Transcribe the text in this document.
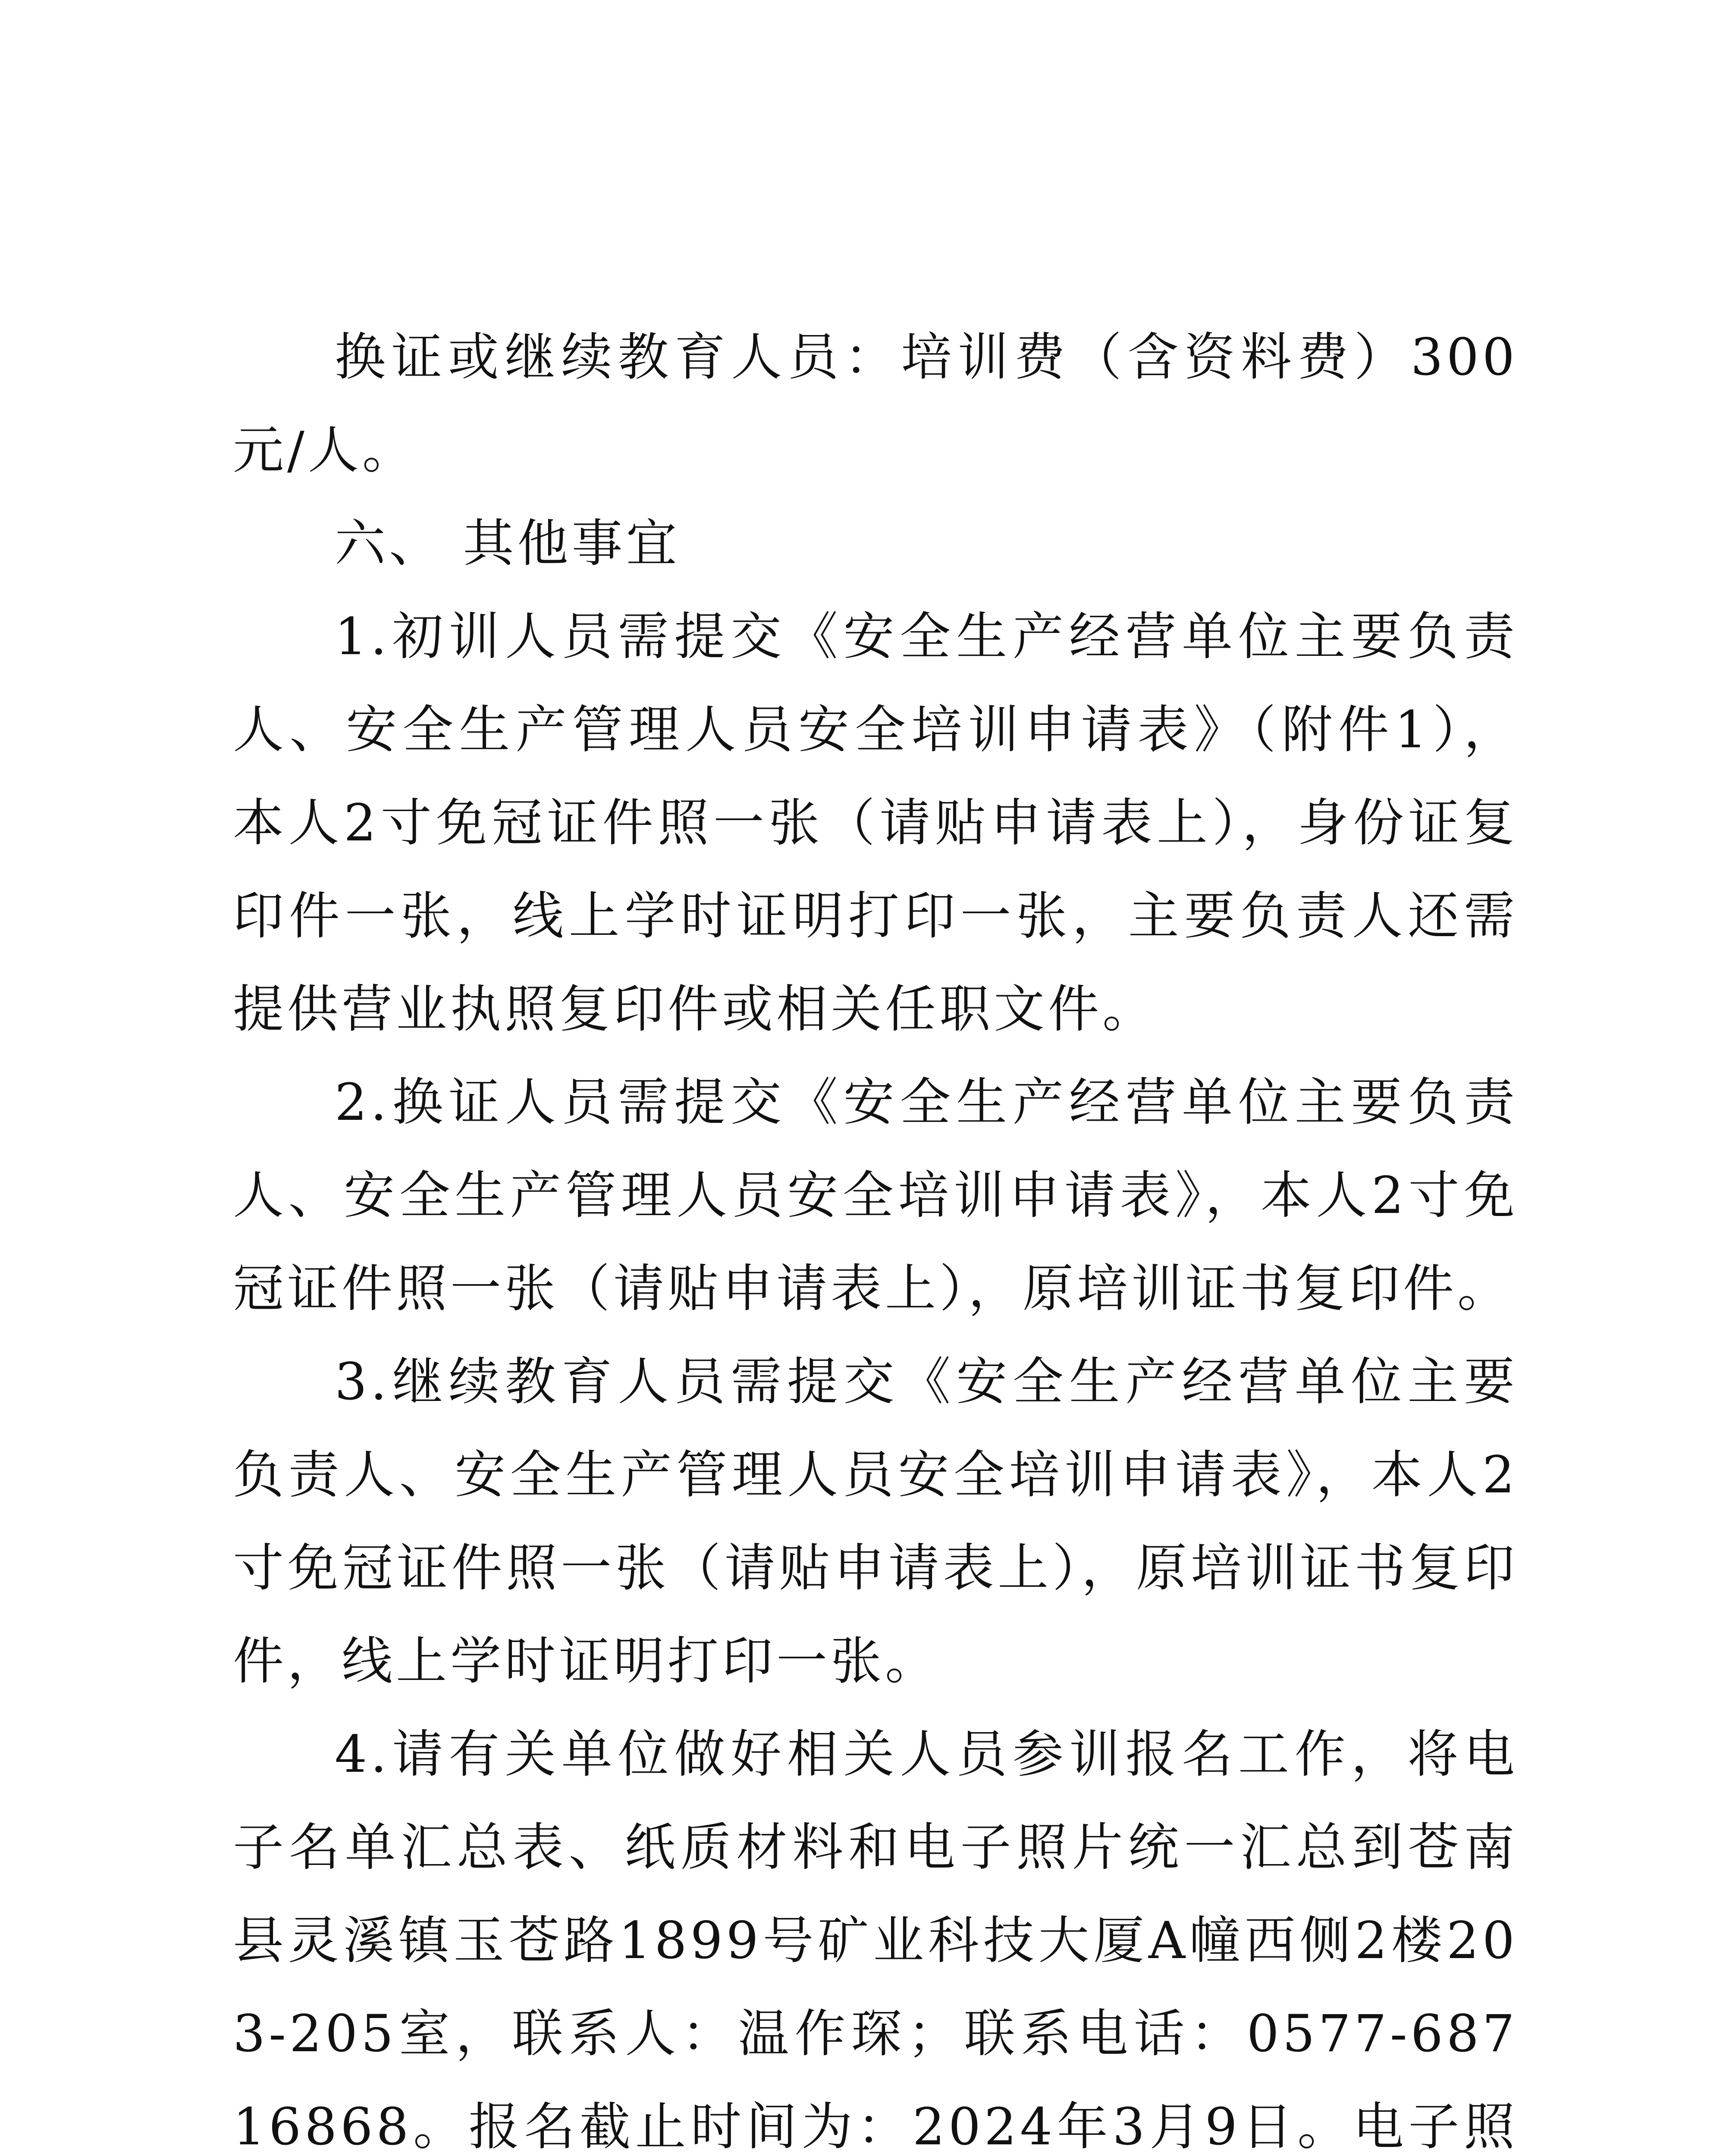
换证或继续教育人员：培训费（含资料费）300元/人。

六、 其他事宜

1.初训人员需提交《安全生产经营单位主要负责人、安全生产管理人员安全培训申请表》（附件1），本人2寸免冠证件照一张（请贴申请表上），身份证复印件一张，线上学时证明打印一张，主要负责人还需提供营业执照复印件或相关任职文件。

2.换证人员需提交《安全生产经营单位主要负责人、安全生产管理人员安全培训申请表》，本人2寸免冠证件照一张（请贴申请表上），原培训证书复印件。

3.继续教育人员需提交《安全生产经营单位主要负责人、安全生产管理人员安全培训申请表》，本人2寸免冠证件照一张（请贴申请表上），原培训证书复印件，线上学时证明打印一张。

4.请有关单位做好相关人员参训报名工作，将电子名单汇总表、纸质材料和电子照片统一汇总到苍南县灵溪镇玉苍路1899号矿业科技大厦A幢西侧2楼203-205室，联系人：温作琛；联系电话：0577-68716868。报名截止时间为：2024年3月9日。电子照
